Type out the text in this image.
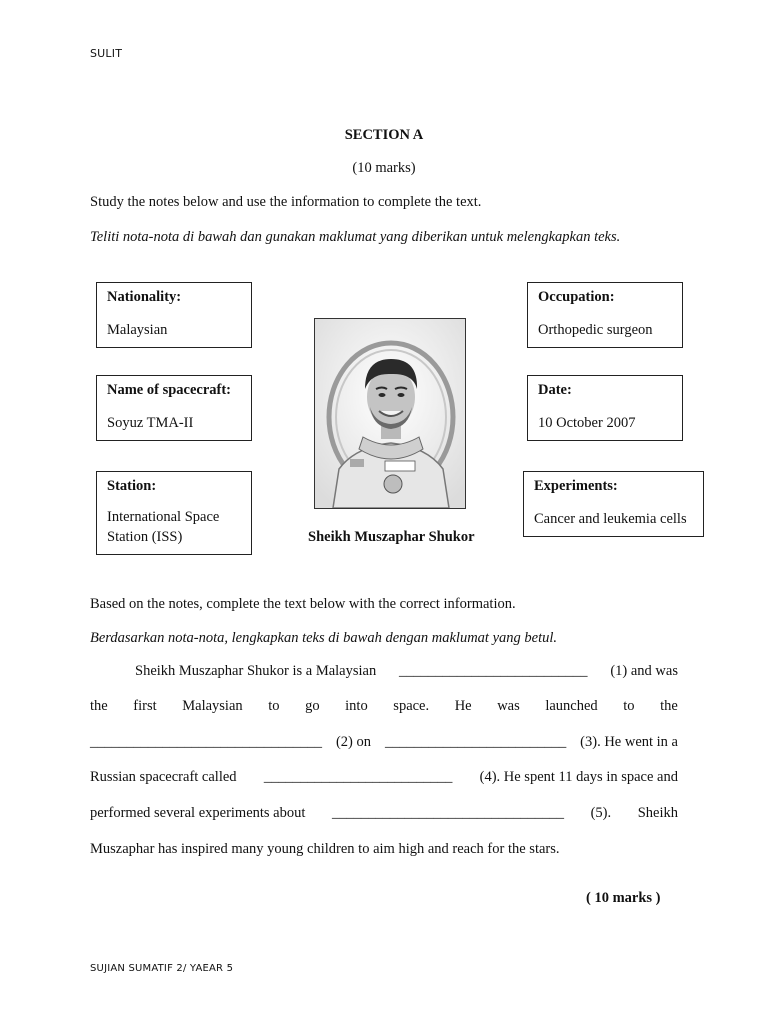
SULIT
SECTION A
(10 marks)
Study the notes below and use the information to complete the text.
Teliti nota-nota di bawah dan gunakan maklumat yang diberikan untuk melengkapkan teks.
Nationality:
Malaysian
Occupation:
Orthopedic surgeon
Name of spacecraft:
Soyuz TMA-II
Date:
10 October 2007
Station:
International Space
Station (ISS)
Experiments:
Cancer and leukemia cells
Sheikh Muszaphar Shukor
Based on the notes, complete the text below with the correct information.
Berdasarkan nota-nota, lengkapkan teks di bawah dengan maklumat yang betul.
Sheikh Muszaphar Shukor is a Malaysian __________________________ (1) and was
the first Malaysian to go into space. He was launched to the
________________________________ (2) on _________________________ (3). He went in a
Russian spacecraft called __________________________ (4). He spent 11 days in space and
performed several experiments about ________________________________ (5). Sheikh
Muszaphar has inspired many young children to aim high and reach for the stars.
( 10 marks )
SUJIAN SUMATIF 2/ YAEAR 5
